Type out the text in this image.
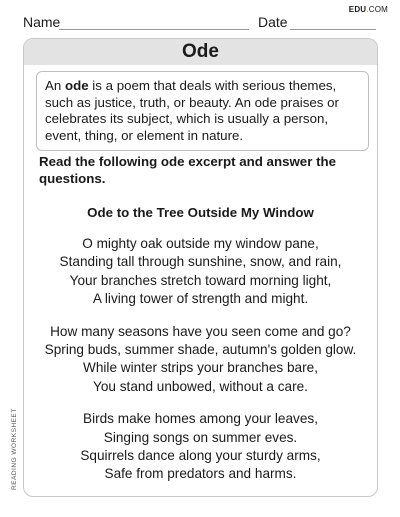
EDU.COM
Name	Date
Ode
An ode is a poem that deals with serious themes, such as justice, truth, or beauty. An ode praises or celebrates its subject, which is usually a person, event, thing, or element in nature.
Read the following ode excerpt and answer the questions.
Ode to the Tree Outside My Window
O mighty oak outside my window pane,
Standing tall through sunshine, snow, and rain,
Your branches stretch toward morning light,
A living tower of strength and might.
How many seasons have you seen come and go?
Spring buds, summer shade, autumn's golden glow.
While winter strips your branches bare,
You stand unbowed, without a care.
Birds make homes among your leaves,
Singing songs on summer eves.
Squirrels dance along your sturdy arms,
Safe from predators and harms.
READING WORKSHEET
